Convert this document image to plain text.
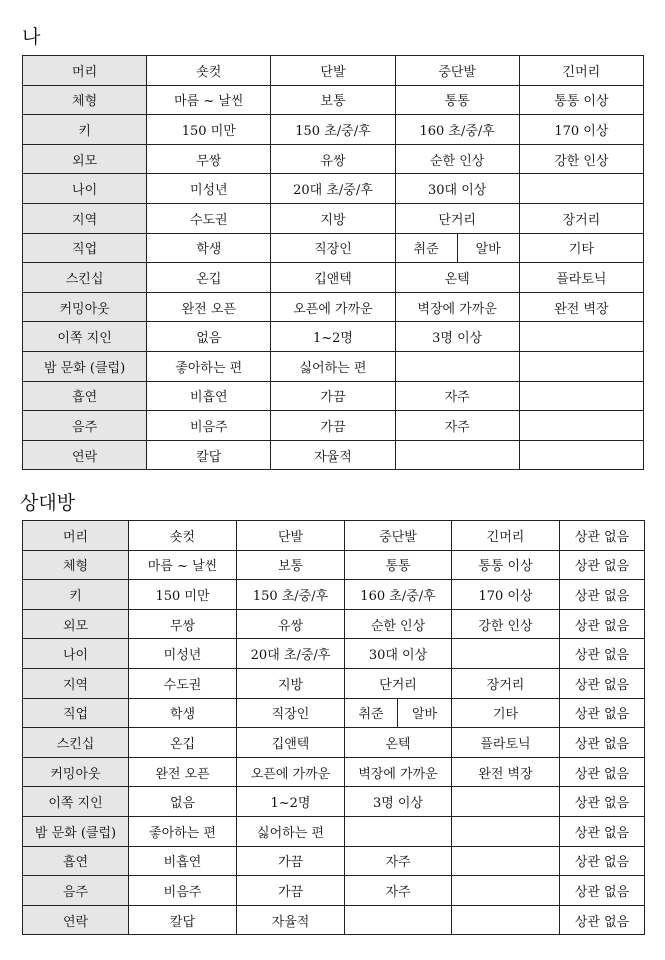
나
머리	숏컷	단발	중단발		긴머리
체형	마름 ~ 날씬	보통	통통		통통 이상
키	150 미만	150 초/중/후	160 초/중/후		170 이상
외모	무쌍	유쌍	순한 인상		강한 인상
나이	미성년	20대 초/중/후	30대 이상		
지역	수도권	지방	단거리		장거리
직업	학생	직장인	취준	알바	기타
스킨십	온깁	깁앤텍	온텍		플라토닉
커밍아웃	완전 오픈	오픈에 가까운	벽장에 가까운		완전 벽장
이쪽 지인	없음	1~2명	3명 이상		
밤 문화 (클럽)	좋아하는 편	싫어하는 편			
흡연	비흡연	가끔	자주		
음주	비음주	가끔	자주		
연락	칼답	자율적			
상대방
머리	숏컷	단발	중단발		긴머리	상관 없음
체형	마름 ~ 날씬	보통	통통		통통 이상	상관 없음
키	150 미만	150 초/중/후	160 초/중/후		170 이상	상관 없음
외모	무쌍	유쌍	순한 인상		강한 인상	상관 없음
나이	미성년	20대 초/중/후	30대 이상			상관 없음
지역	수도권	지방	단거리		장거리	상관 없음
직업	학생	직장인	취준	알바	기타	상관 없음
스킨십	온깁	깁앤텍	온텍		플라토닉	상관 없음
커밍아웃	완전 오픈	오픈에 가까운	벽장에 가까운		완전 벽장	상관 없음
이쪽 지인	없음	1~2명	3명 이상			상관 없음
밤 문화 (클럽)	좋아하는 편	싫어하는 편				상관 없음
흡연	비흡연	가끔	자주			상관 없음
음주	비음주	가끔	자주			상관 없음
연락	칼답	자율적				상관 없음
